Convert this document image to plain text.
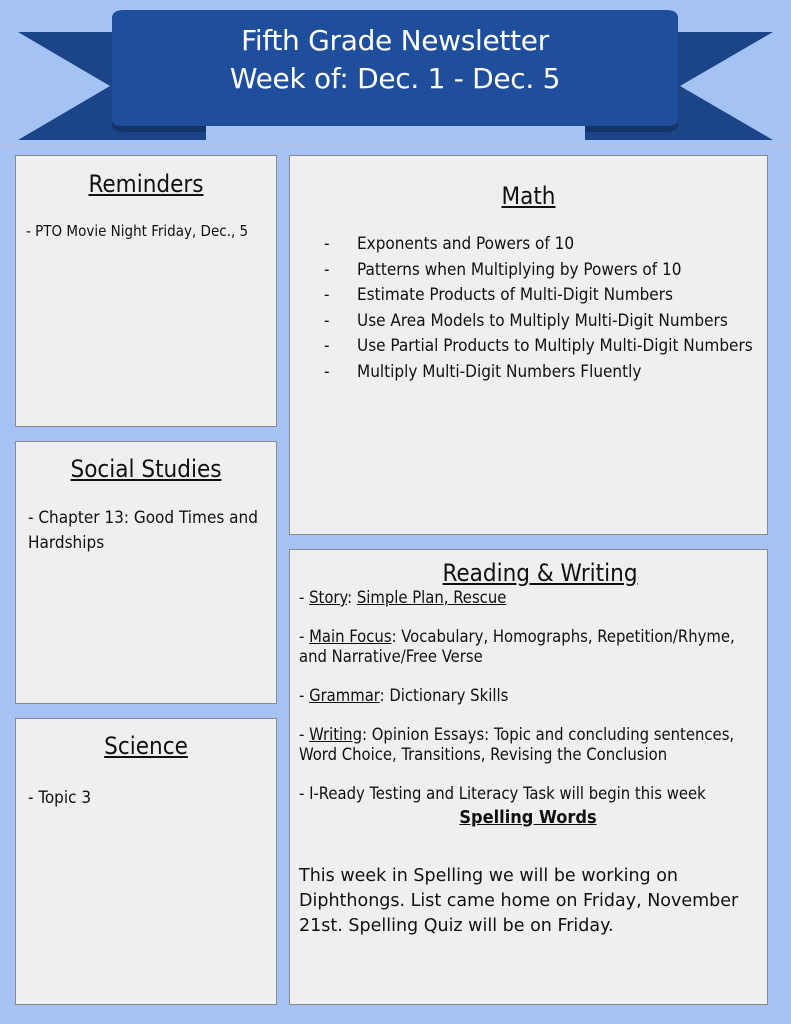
Fifth Grade Newsletter
Week of: Dec. 1 - Dec. 5
Reminders
- PTO Movie Night Friday, Dec., 5
Social Studies
- Chapter 13: Good Times and Hardships
Science
- Topic 3
Math
- Exponents and Powers of 10
- Patterns when Multiplying by Powers of 10
- Estimate Products of Multi-Digit Numbers
- Use Area Models to Multiply Multi-Digit Numbers
- Use Partial Products to Multiply Multi-Digit Numbers
- Multiply Multi-Digit Numbers Fluently
Reading & Writing
- Story: Simple Plan, Rescue
- Main Focus: Vocabulary, Homographs, Repetition/Rhyme, and Narrative/Free Verse
- Grammar: Dictionary Skills
- Writing: Opinion Essays: Topic and concluding sentences, Word Choice, Transitions, Revising the Conclusion
- I-Ready Testing and Literacy Task will begin this week
Spelling Words
This week in Spelling we will be working on Diphthongs. List came home on Friday, November 21st. Spelling Quiz will be on Friday.
